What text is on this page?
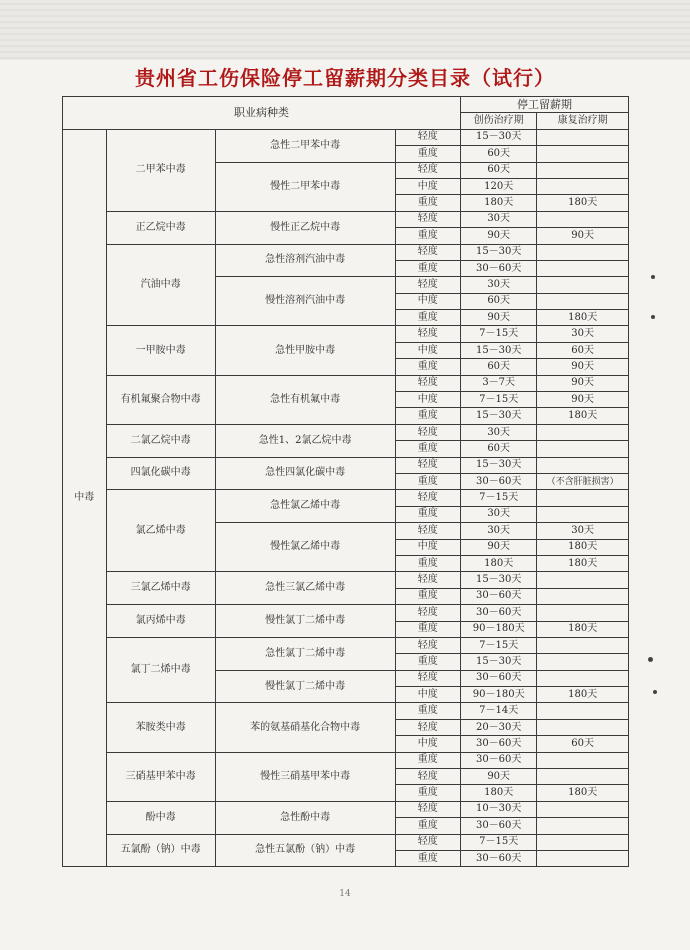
贵州省工伤保险停工留薪期分类目录（试行）
职业病种类				停工留薪期	
				创伤治疗期	康复治疗期
中毒	二甲苯中毒	急性二甲苯中毒	轻度	15－30天	
			重度	60天	
		慢性二甲苯中毒	轻度	60天	
			中度	120天	
			重度	180天	180天
	正乙烷中毒	慢性正乙烷中毒	轻度	30天	
			重度	90天	90天
	汽油中毒	急性溶剂汽油中毒	轻度	15－30天	
			重度	30－60天	
		慢性溶剂汽油中毒	轻度	30天	
			中度	60天	
			重度	90天	180天
	一甲胺中毒	急性甲胺中毒	轻度	7－15天	30天
			中度	15－30天	60天
			重度	60天	90天
	有机氟聚合物中毒	急性有机氟中毒	轻度	3－7天	90天
			中度	7－15天	90天
			重度	15－30天	180天
	二氯乙烷中毒	急性1、2氯乙烷中毒	轻度	30天	
			重度	60天	
	四氯化碳中毒	急性四氯化碳中毒	轻度	15－30天	
			重度	30－60天	（不含肝脏损害）
	氯乙烯中毒	急性氯乙烯中毒	轻度	7－15天	
			重度	30天	
		慢性氯乙烯中毒	轻度	30天	30天
			中度	90天	180天
			重度	180天	180天
	三氯乙烯中毒	急性三氯乙烯中毒	轻度	15－30天	
			重度	30－60天	
	氯丙烯中毒	慢性氯丁二烯中毒	轻度	30－60天	
			重度	90－180天	180天
	氯丁二烯中毒	急性氯丁二烯中毒	轻度	7－15天	
			重度	15－30天	
		慢性氯丁二烯中毒	轻度	30－60天	
			中度	90－180天	180天
	苯胺类中毒	苯的氨基硝基化合物中毒	重度	7－14天	
			轻度	20－30天	
			中度	30－60天	60天
	三硝基甲苯中毒	慢性三硝基甲苯中毒	重度	30－60天	
			轻度	90天	
			重度	180天	180天
	酚中毒	急性酚中毒	轻度	10－30天	
			重度	30－60天	
	五氯酚（钠）中毒	急性五氯酚（钠）中毒	轻度	7－15天	
			重度	30－60天	
14
